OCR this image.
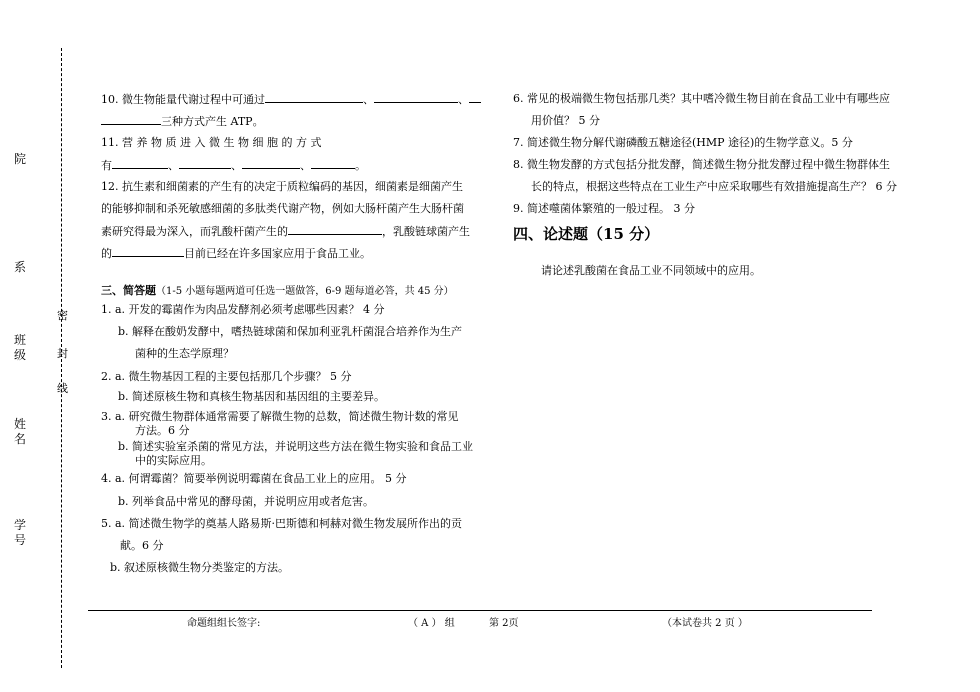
院
系
班级
姓名
学号
密
封
线
10. 微生物能量代谢过程中可通过	、	、
三种方式产生 ATP。
11. 营 养 物 质 进 入 微 生 物 细 胞 的 方 式
有	、	、	、	。
12. 抗生素和细菌素的产生有的决定于质粒编码的基因，细菌素是细菌产生
的能够抑制和杀死敏感细菌的多肽类代谢产物，例如大肠杆菌产生大肠杆菌
素研究得最为深入，而乳酸杆菌产生的	，乳酸链球菌产生
的	目前已经在许多国家应用于食品工业。
三、简答题（1-5 小题每题两道可任选一题做答，6-9 题每道必答，共 45 分）
1. a. 开发的霉菌作为肉品发酵剂必须考虑哪些因素？ 4 分
b. 解释在酸奶发酵中，嗜热链球菌和保加利亚乳杆菌混合培养作为生产
菌种的生态学原理？
2. a. 微生物基因工程的主要包括那几个步骤？ 5 分
b. 简述原核生物和真核生物基因和基因组的主要差异。
3. a. 研究微生物群体通常需要了解微生物的总数，简述微生物计数的常见
方法。6 分
b. 简述实验室杀菌的常见方法，并说明这些方法在微生物实验和食品工业
中的实际应用。
4. a. 何谓霉菌？简要举例说明霉菌在食品工业上的应用。 5 分
b. 列举食品中常见的酵母菌，并说明应用或者危害。
5. a. 简述微生物学的奠基人路易斯·巴斯德和柯赫对微生物发展所作出的贡
献。6 分
b. 叙述原核微生物分类鉴定的方法。
6. 常见的极端微生物包括那几类？其中嗜冷微生物目前在食品工业中有哪些应
用价值？ 5 分
7. 简述微生物分解代谢磷酸五糖途径(HMP 途径)的生物学意义。5 分
8. 微生物发酵的方式包括分批发酵，简述微生物分批发酵过程中微生物群体生
长的特点，根据这些特点在工业生产中应采取哪些有效措施提高生产？ 6 分
9. 简述噬菌体繁殖的一般过程。 3 分
四、论述题（15 分）
请论述乳酸菌在食品工业不同领域中的应用。
命题组组长签字:	（ A ） 组	第 2页	（本试卷共 2 页 ）
